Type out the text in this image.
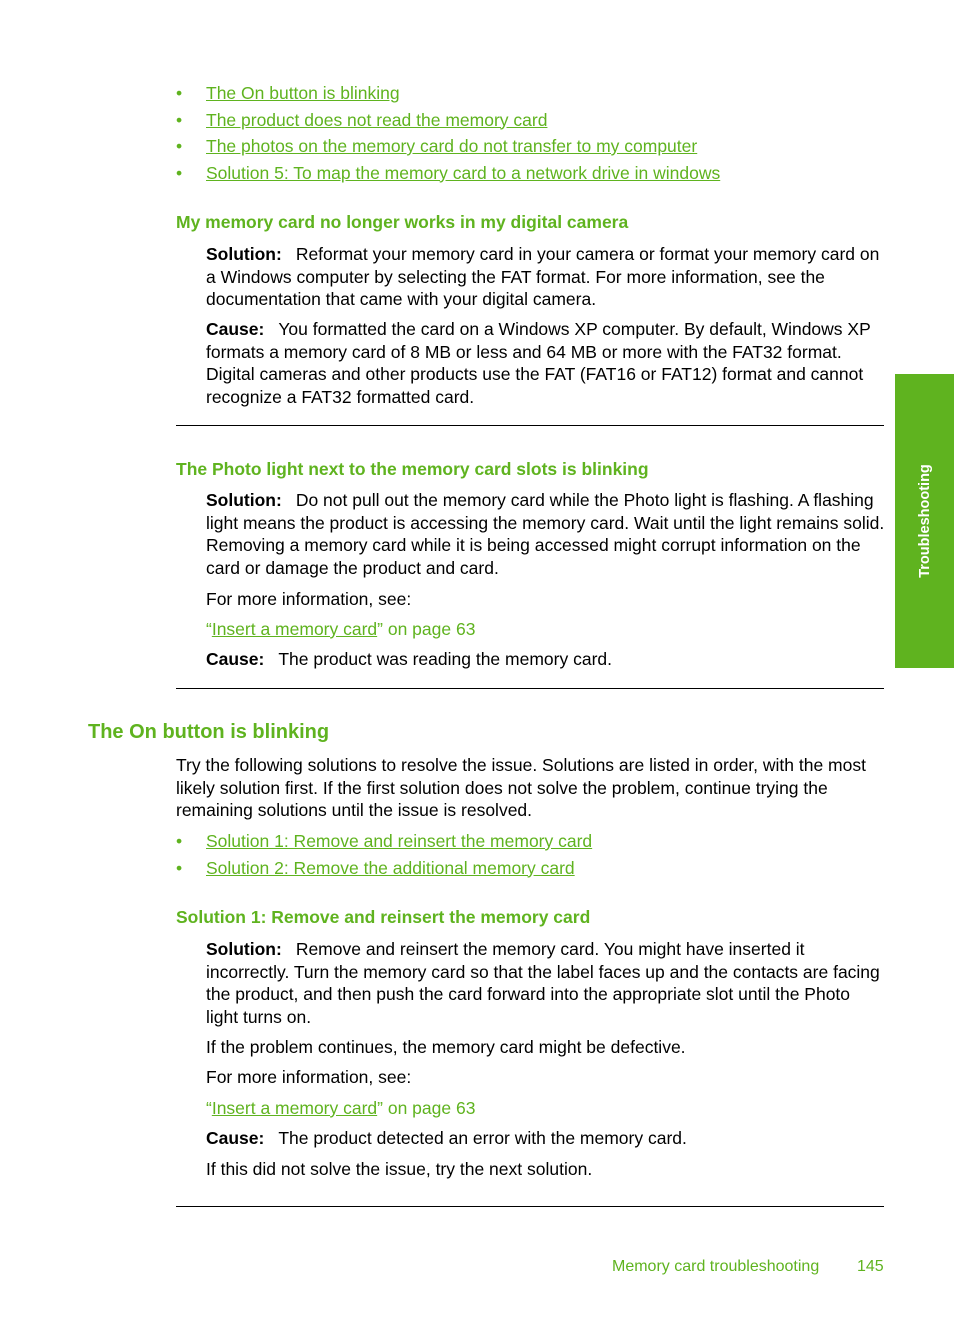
• The On button is blinking
• The product does not read the memory card
• The photos on the memory card do not transfer to my computer
• Solution 5: To map the memory card to a network drive in windows
My memory card no longer works in my digital camera

Solution: Reformat your memory card in your camera or format your memory card on a Windows computer by selecting the FAT format. For more information, see the documentation that came with your digital camera.

Cause: You formatted the card on a Windows XP computer. By default, Windows XP formats a memory card of 8 MB or less and 64 MB or more with the FAT32 format. Digital cameras and other products use the FAT (FAT16 or FAT12) format and cannot recognize a FAT32 formatted card.

The Photo light next to the memory card slots is blinking

Solution: Do not pull out the memory card while the Photo light is flashing. A flashing light means the product is accessing the memory card. Wait until the light remains solid. Removing a memory card while it is being accessed might corrupt information on the card or damage the product and card.

For more information, see:

“Insert a memory card” on page 63

Cause: The product was reading the memory card.

The On button is blinking

Try the following solutions to resolve the issue. Solutions are listed in order, with the most likely solution first. If the first solution does not solve the problem, continue trying the remaining solutions until the issue is resolved.

• Solution 1: Remove and reinsert the memory card
• Solution 2: Remove the additional memory card
Solution 1: Remove and reinsert the memory card

Solution: Remove and reinsert the memory card. You might have inserted it incorrectly. Turn the memory card so that the label faces up and the contacts are facing the product, and then push the card forward into the appropriate slot until the Photo light turns on.

If the problem continues, the memory card might be defective.

For more information, see:

“Insert a memory card” on page 63

Cause: The product detected an error with the memory card.

If this did not solve the issue, try the next solution.

Troubleshooting
Memory card troubleshooting 145
